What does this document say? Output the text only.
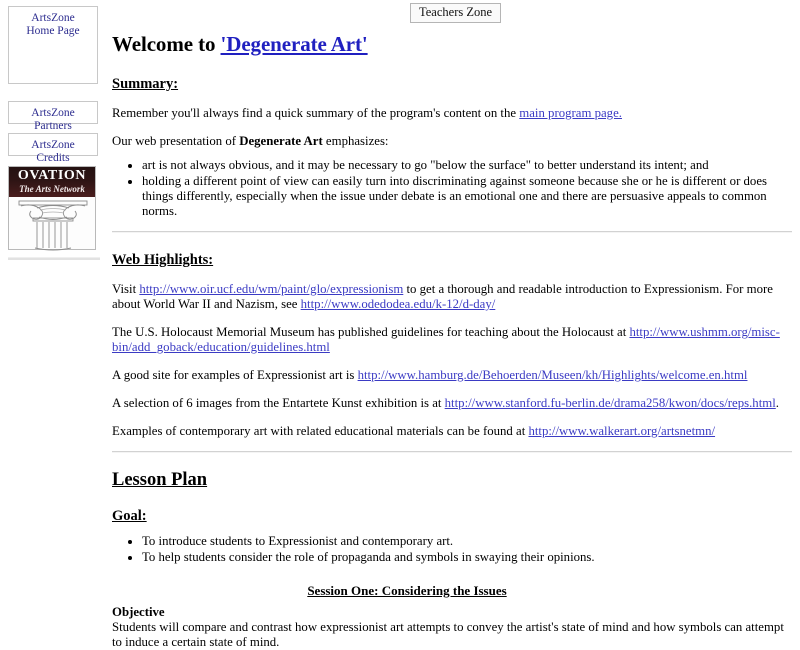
ArtsZone
Home Page
ArtsZone
Partners
ArtsZone
Credits
OVATION
The Arts Network
Teachers Zone
Welcome to 'Degenerate Art'
Summary:

Remember you'll always find a quick summary of the program's content on the main program page.

Our web presentation of Degenerate Art emphasizes:

• art is not always obvious, and it may be necessary to go "below the surface" to better understand its intent; and
• holding a different point of view can easily turn into discriminating against someone because she or he is different or does things differently, especially when the issue under debate is an emotional one and there are persuasive appeals to common norms.
Web Highlights:

Visit http://www.oir.ucf.edu/wm/paint/glo/expressionism to get a thorough and readable introduction to Expressionism. For more about World War II and Nazism, see http://www.odedodea.edu/k-12/d-day/

The U.S. Holocaust Memorial Museum has published guidelines for teaching about the Holocaust at http://www.ushmm.org/misc-bin/add_goback/education/guidelines.html

A good site for examples of Expressionist art is http://www.hamburg.de/Behoerden/Museen/kh/Highlights/welcome.en.html

A selection of 6 images from the Entartete Kunst exhibition is at http://www.stanford.fu-berlin.de/drama258/kwon/docs/reps.html.

Examples of contemporary art with related educational materials can be found at http://www.walkerart.org/artsnetmn/

Lesson Plan
Goal:
• To introduce students to Expressionist and contemporary art.
• To help students consider the role of propaganda and symbols in swaying their opinions.

Session One: Considering the Issues

Objective

Students will compare and contrast how expressionist art attempts to convey the artist's state of mind and how symbols can attempt to induce a certain state of mind.
